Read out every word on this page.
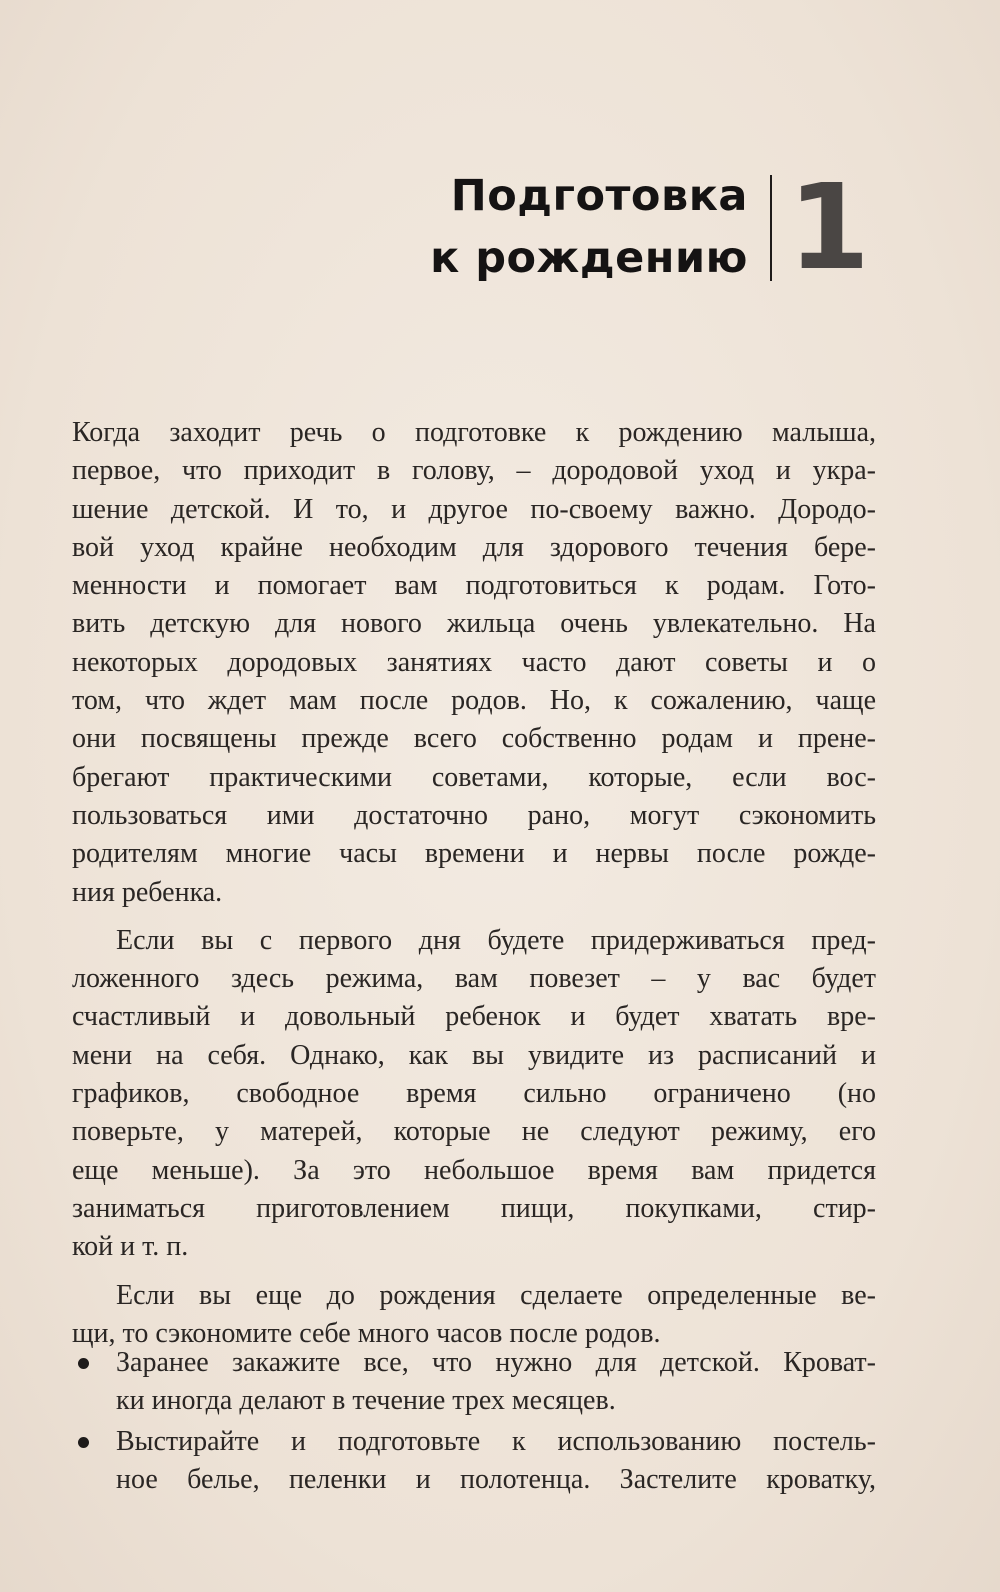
Подготовка
к рождению 1

Когда заходит речь о подготовке к рождению малыша,
первое, что приходит в голову, – дородовой уход и укра-
шение детской. И то, и другое по-своему важно. Дородо-
вой уход крайне необходим для здорового течения бере-
менности и помогает вам подготовиться к родам. Гото-
вить детскую для нового жильца очень увлекательно. На
некоторых дородовых занятиях часто дают советы и о
том, что ждет мам после родов. Но, к сожалению, чаще
они посвящены прежде всего собственно родам и прене-
брегают практическими советами, которые, если вос-
пользоваться ими достаточно рано, могут сэкономить
родителям многие часы времени и нервы после рожде-
ния ребенка.

Если вы с первого дня будете придерживаться пред-
ложенного здесь режима, вам повезет – у вас будет
счастливый и довольный ребенок и будет хватать вре-
мени на себя. Однако, как вы увидите из расписаний и
графиков, свободное время сильно ограничено (но
поверьте, у матерей, которые не следуют режиму, его
еще меньше). За это небольшое время вам придется
заниматься приготовлением пищи, покупками, стир-
кой и т. п.

Если вы еще до рождения сделаете определенные ве-
щи, то сэкономите себе много часов после родов.

Заранее закажите все, что нужно для детской. Кроват-
ки иногда делают в течение трех месяцев.
Выстирайте и подготовьте к использованию постель-
ное белье, пеленки и полотенца. Застелите кроватку,
